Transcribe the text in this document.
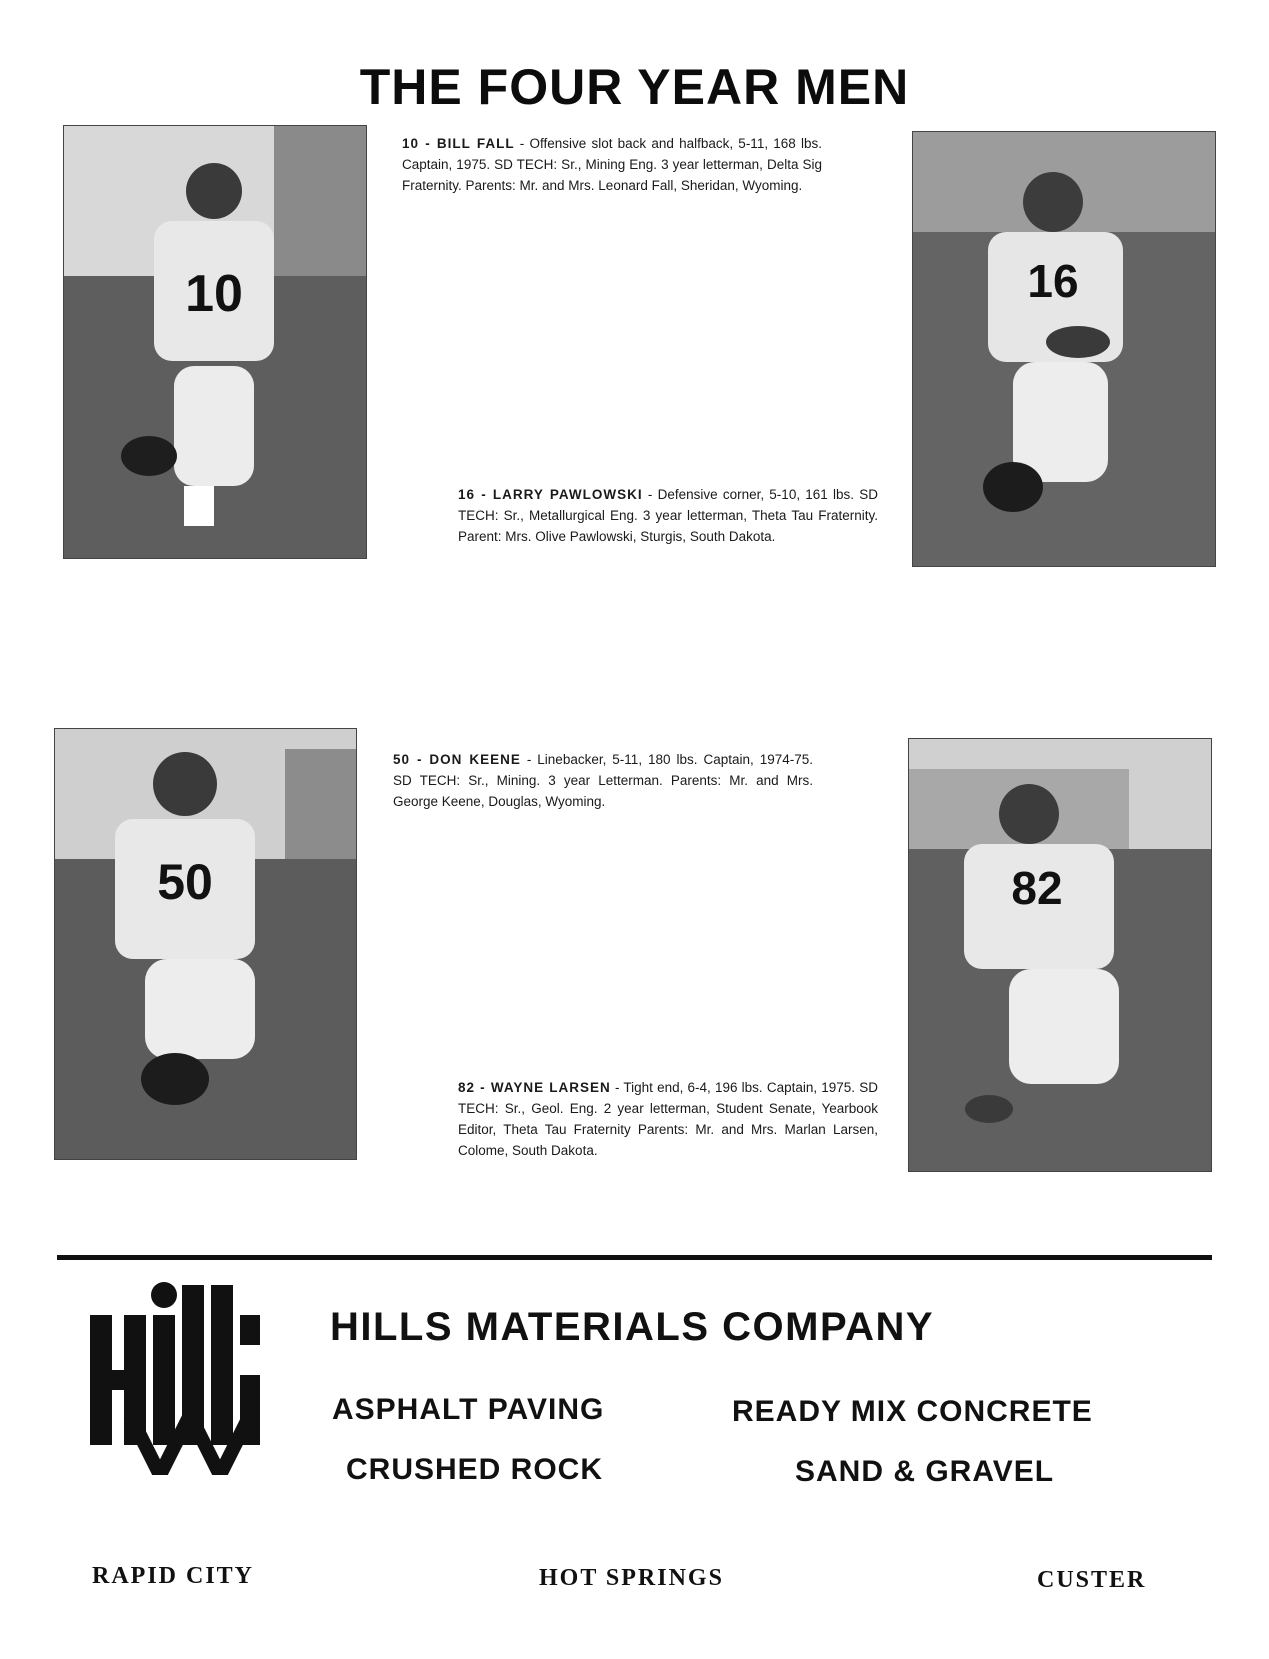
THE FOUR YEAR MEN
10
10 - BILL FALL - Offensive slot back and halfback, 5-11, 168 lbs. Captain, 1975. SD TECH: Sr., Mining Eng. 3 year letterman, Delta Sig Fraternity. Parents: Mr. and Mrs. Leonard Fall, Sheridan, Wyoming.
16
16 - LARRY PAWLOWSKI - Defensive corner, 5-10, 161 lbs. SD TECH: Sr., Metallurgical Eng. 3 year letterman, Theta Tau Fraternity. Parent: Mrs. Olive Pawlowski, Sturgis, South Dakota.
50
50 - DON KEENE - Linebacker, 5-11, 180 lbs. Captain, 1974-75. SD TECH: Sr., Mining. 3 year Letterman. Parents: Mr. and Mrs. George Keene, Douglas, Wyoming.
82
82 - WAYNE LARSEN - Tight end, 6-4, 196 lbs. Captain, 1975. SD TECH: Sr., Geol. Eng. 2 year letterman, Student Senate, Yearbook Editor, Theta Tau Fraternity Parents: Mr. and Mrs. Marlan Larsen, Colome, South Dakota.
HILLS MATERIALS COMPANY
ASPHALT PAVING	READY MIX CONCRETE
CRUSHED ROCK	SAND & GRAVEL
RAPID CITY	HOT SPRINGS	CUSTER
